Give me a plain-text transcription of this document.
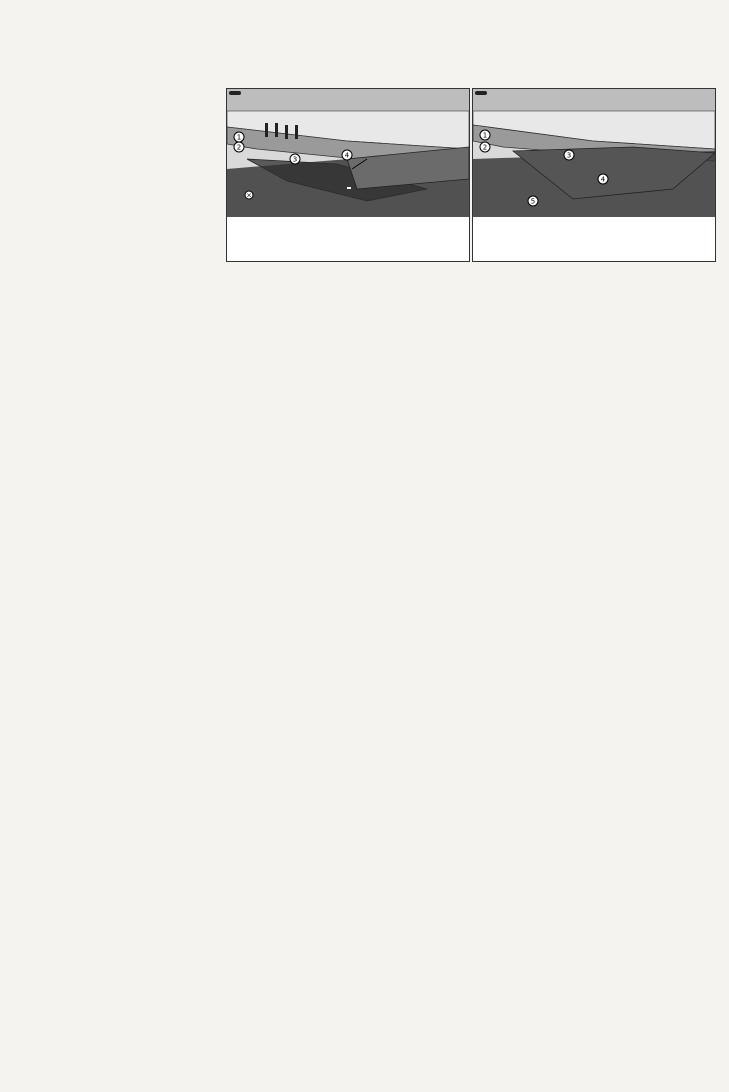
1
2
3	4
×
1
2
3
4
5
